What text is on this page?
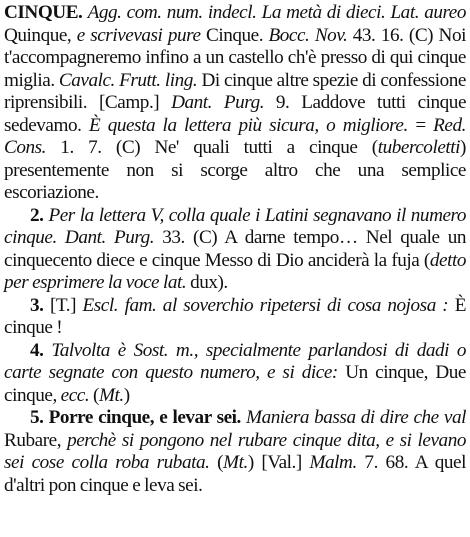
CINQUE. Agg. com. num. indecl. La metà di dieci. Lat. aureo Quinque, e scrivevasi pure Cinque. Bocc. Nov. 43. 16. (C) Noi t'accompagneremo infino a un castello ch'è presso di qui cinque miglia. Cavalc. Frutt. ling. Di cinque altre spezie di confessione riprensibili. [Camp.] Dant. Purg. 9. Laddove tutti cinque sedevamo. È questa la lettera più sicura, o migliore. = Red. Cons. 1. 7. (C) Ne' quali tutti a cinque (tubercoletti) presentemente non si scorge altro che una semplice escoriazione.

2. Per la lettera V, colla quale i Latini segnavano il numero cinque. Dant. Purg. 33. (C) A darne tempo… Nel quale un cinquecento diece e cinque Messo di Dio anciderà la fuja (detto per esprimere la voce lat. dux).

3. [T.] Escl. fam. al soverchio ripetersi di cosa nojosa : È cinque !

4. Talvolta è Sost. m., specialmente parlandosi di dadi o carte segnate con questo numero, e si dice: Un cinque, Due cinque, ecc. (Mt.)

5. Porre cinque, e levar sei. Maniera bassa di dire che val Rubare, perchè si pongono nel rubare cinque dita, e si levano sei cose colla roba rubata. (Mt.) [Val.] Malm. 7. 68. A quel d'altri pon cinque e leva sei.
